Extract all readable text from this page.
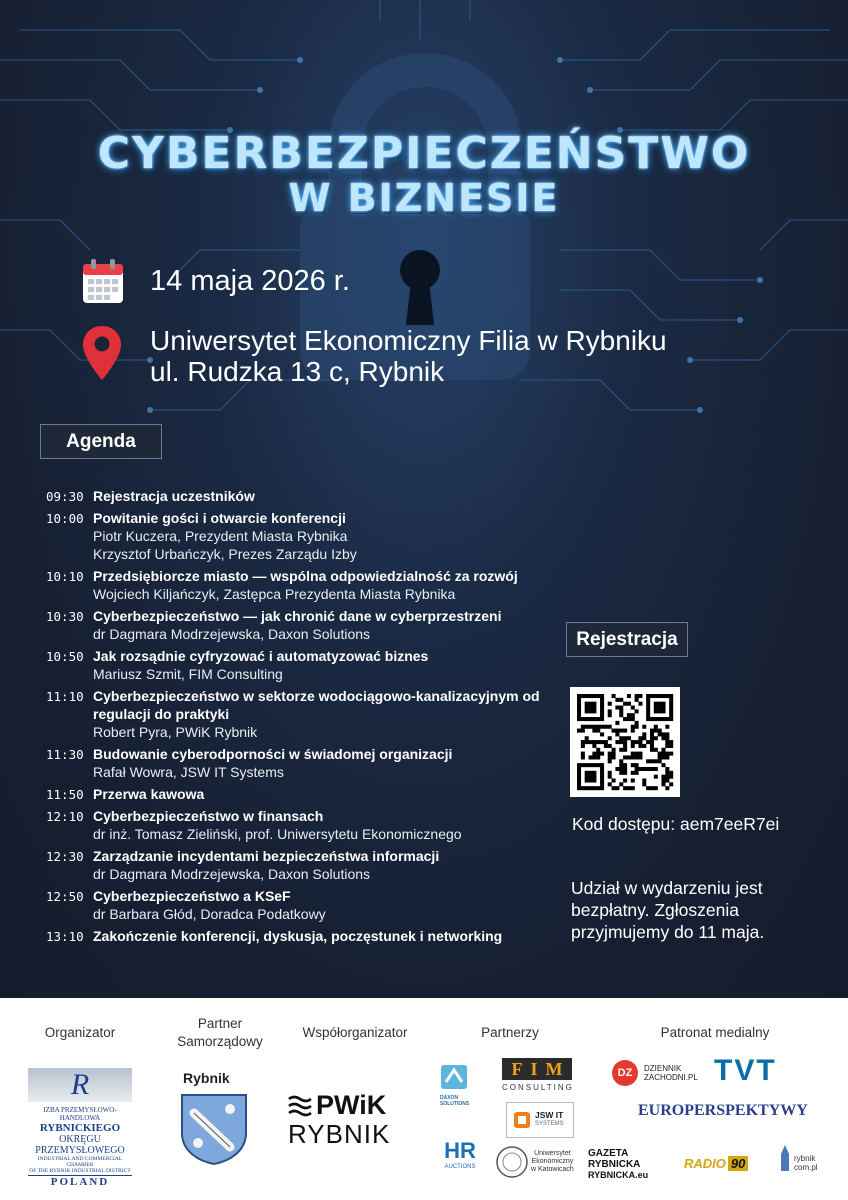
CYBERBEZPIECZEŃSTWO
W BIZNESIE
14 maja 2026 r.
Uniwersytet Ekonomiczny Filia w Rybniku
ul. Rudzka 13 c, Rybnik
Agenda
09:30 Rejestracja uczestników
10:00 Powitanie gości i otwarcie konferencji
Piotr Kuczera, Prezydent Miasta Rybnika
Krzysztof Urbańczyk, Prezes Zarządu Izby
10:10 Przedsiębiorcze miasto — wspólna odpowiedzialność za rozwój
Wojciech Kiljańczyk, Zastępca Prezydenta Miasta Rybnika
10:30 Cyberbezpieczeństwo — jak chronić dane w cyberprzestrzeni
dr Dagmara Modrzejewska, Daxon Solutions
10:50 Jak rozsądnie cyfryzować i automatyzować biznes
Mariusz Szmit, FIM Consulting
11:10 Cyberbezpieczeństwo w sektorze wodociągowo-kanalizacyjnym od regulacji do praktyki
Robert Pyra, PWiK Rybnik
11:30 Budowanie cyberodporności w świadomej organizacji
Rafał Wowra, JSW IT Systems
11:50 Przerwa kawowa
12:10 Cyberbezpieczeństwo w finansach
dr inż. Tomasz Zieliński, prof. Uniwersytetu Ekonomicznego
12:30 Zarządzanie incydentami bezpieczeństwa informacji
dr Dagmara Modrzejewska, Daxon Solutions
12:50 Cyberbezpieczeństwo a KSeF
dr Barbara Głód, Doradca Podatkowy
13:10 Zakończenie konferencji, dyskusja, poczęstunek i networking
Rejestracja
Kod dostępu: aem7eeR7ei
Udział w wydarzeniu jest bezpłatny. Zgłoszenia przyjmujemy do 11 maja.
Organizator
Partner
Samorządowy
Współorganizator	Partnerzy	Patronat medialny
R
IZBA PRZEMYSŁOWO-HANDLOWA
RYBNICKIEGO
OKRĘGU PRZEMYSŁOWEGO
INDUSTRIAL AND COMMERCIAL CHAMBER
OF THE RYBNIK INDUSTRIAL DISTRICT
POLAND
Rybnik
PWiK
RYBNIK
DAXON SOLUTIONS
FIM
CONSULTING
JSW IT
SYSTEMS
HR
AUCTIONS
Uniwersytet
Ekonomiczny
w Katowicach
DZ	DZIENNIK
ZACHODNI.PL TVT
EUROPERSPEKTYWY
GAZETA
RYBNICKA
RYBNICKA.eu
RADIO 90	rybnik
com.pl
